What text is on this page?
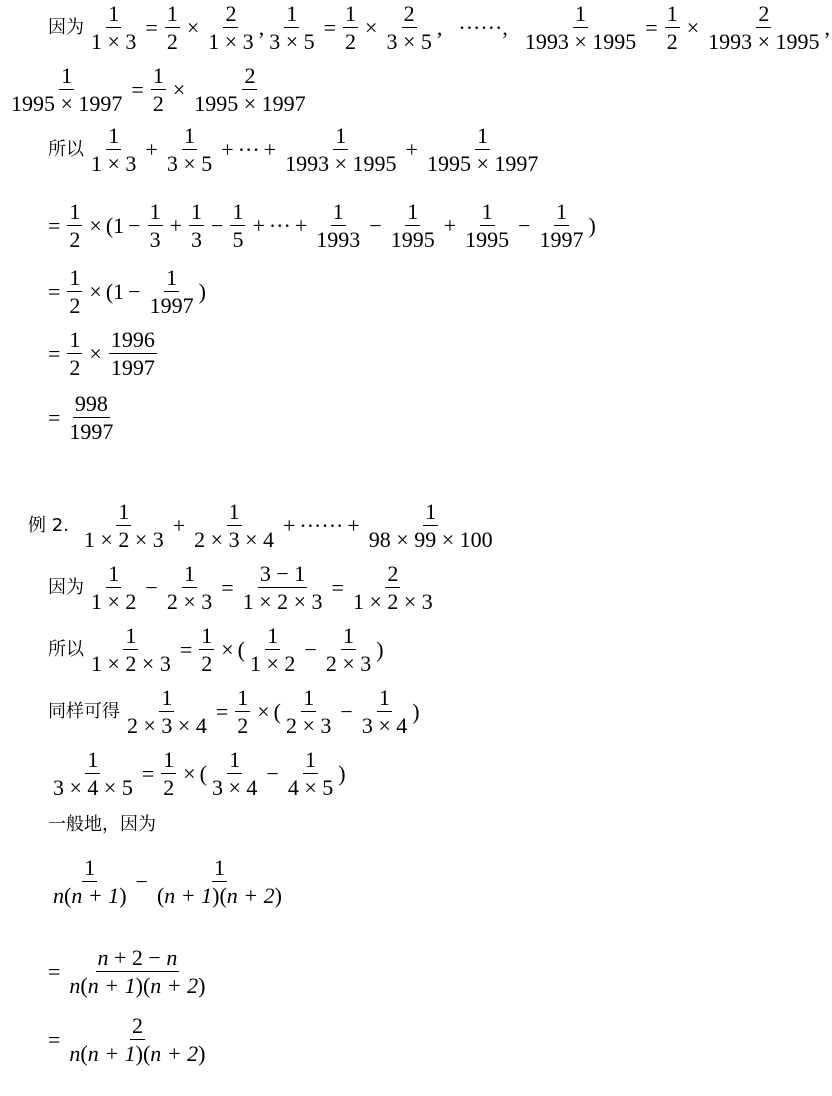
因为 $\frac{1}{1 \times 3} = \frac{1}{2} \times \frac{2}{1 \times 3}$ , $\frac{1}{3 \times 5} = \frac{1}{2} \times \frac{2}{3 \times 5}$ , ······, $\frac{1}{1993 \times 1995} = \frac{1}{2} \times \frac{2}{1993 \times 1995}$ ,
$\frac{1}{1995 \times 1997} = \frac{1}{2} \times \frac{2}{1995 \times 1997}$
所以 $\frac{1}{1 \times 3} + \frac{1}{3 \times 5}$ + ··· + $\frac{1}{1993 \times 1995} + \frac{1}{1995 \times 1997}$
= $\frac{1}{2}$ × ( $1 - \frac{1}{3} + \frac{1}{3} - \frac{1}{5}$ + ··· + $\frac{1}{1993} - \frac{1}{1995} + \frac{1}{1995} - \frac{1}{1997}$ )
= $\frac{1}{2}$ × ( $1 - \frac{1}{1997}$ )
= $\frac{1}{2} \times \frac{1996}{1997}$
= $\frac{998}{1997}$
例 2. $\frac{1}{1 \times 2 \times 3} + \frac{1}{2 \times 3 \times 4}$ + ······ + $\frac{1}{98 \times 99 \times 100}$
因为 $\frac{1}{1 \times 2} - \frac{1}{2 \times 3} = \frac{3 - 1}{1 \times 2 \times 3} = \frac{2}{1 \times 2 \times 3}$
所以 $\frac{1}{1 \times 2 \times 3} = \frac{1}{2}$ × ( $\frac{1}{1 \times 2} - \frac{1}{2 \times 3}$ )
同样可得 $\frac{1}{2 \times 3 \times 4} = \frac{1}{2}$ × ( $\frac{1}{2 \times 3} - \frac{1}{3 \times 4}$ )
$\frac{1}{3 \times 4 \times 5} = \frac{1}{2}$ × ( $\frac{1}{3 \times 4} - \frac{1}{4 \times 5}$ )
一般地，因为
$\frac{1}{n(n + 1)} - \frac{1}{(n + 1)(n + 2)}$
= $\frac{n + 2 - n}{n(n + 1)(n + 2)}$
= $\frac{2}{n(n + 1)(n + 2)}$
